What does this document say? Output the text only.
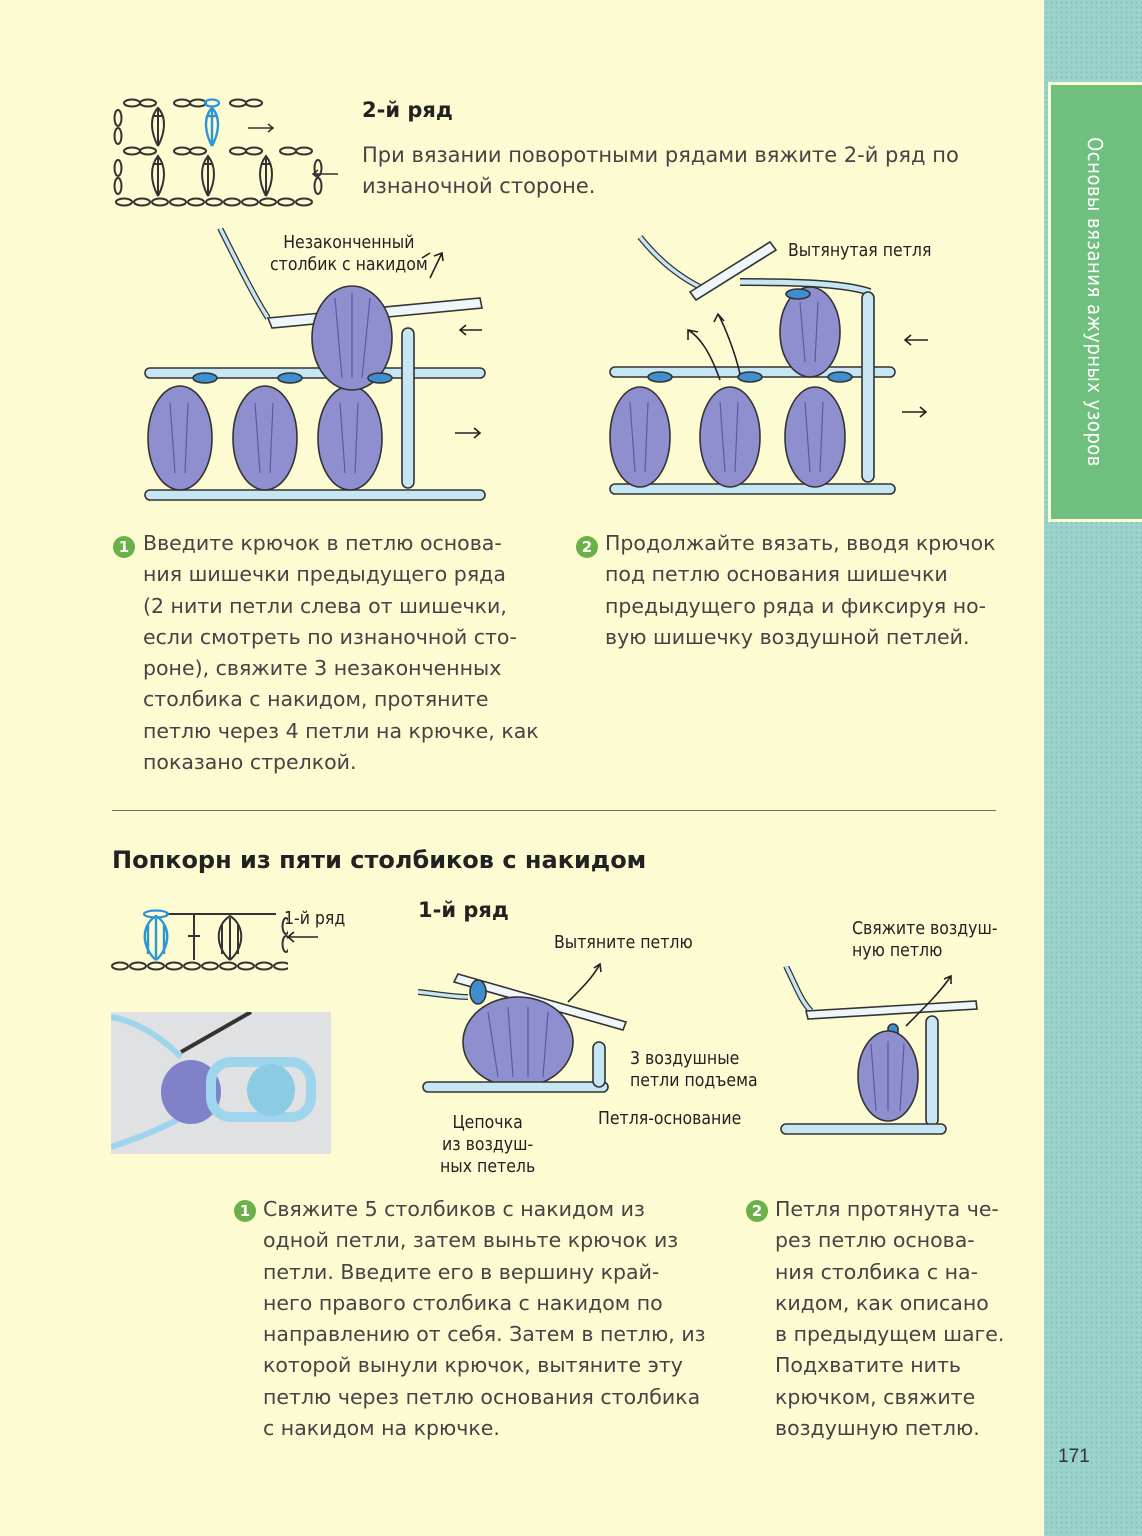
Основы вязания ажурных узоров
171
2-й ряд
При вязании поворотными рядами вяжите 2-й ряд по
изнаночной стороне.
Незаконченный
столбик с накидом
Вытянутая петля
1 Введите крючок в петлю основа-
ния шишечки предыдущего ряда
(2 нити петли слева от шишечки,
если смотреть по изнаночной сто-
роне), свяжите 3 незаконченных
столбика с накидом, протяните
петлю через 4 петли на крючке, как
показано стрелкой.
2 Продолжайте вязать, вводя крючок
под петлю основания шишечки
предыдущего ряда и фиксируя но-
вую шишечку воздушной петлей.
Попкорн из пяти столбиков с накидом
1-й ряд	1-й ряд
Вытяните петлю
3 воздушные
петли подъема
Петля-основание
Цепочка
из воздуш-
ных петель
Свяжите воздуш-
ную петлю
1 Свяжите 5 столбиков с накидом из
одной петли, затем выньте крючок из
петли. Введите его в вершину край-
него правого столбика с накидом по
направлению от себя. Затем в петлю, из
которой вынули крючок, вытяните эту
петлю через петлю основания столбика
с накидом на крючке.
2 Петля протянута че-
рез петлю основа-
ния столбика с на-
кидом, как описано
в предыдущем шаге.
Подхватите нить
крючком, свяжите
воздушную петлю.
